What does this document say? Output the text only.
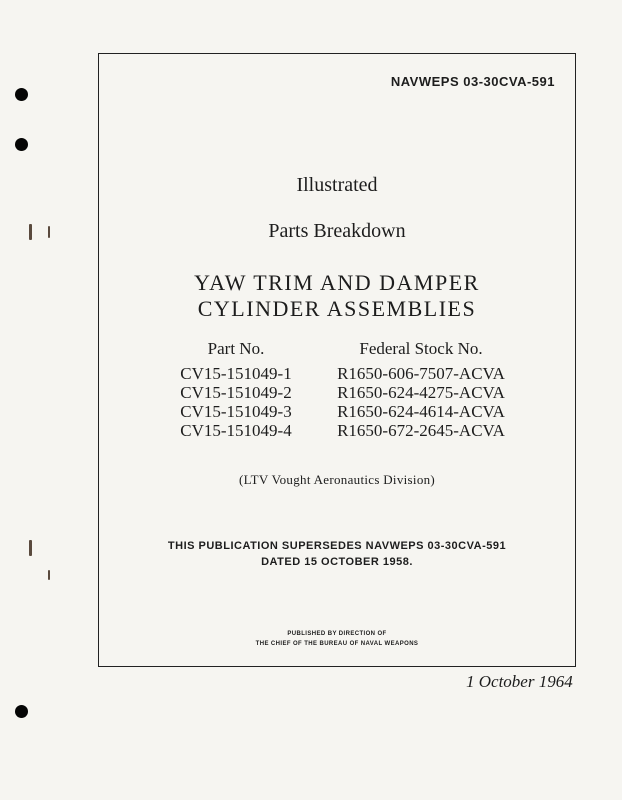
NAVWEPS 03-30CVA-591
Illustrated
Parts Breakdown
YAW TRIM AND DAMPER
CYLINDER ASSEMBLIES
Part No.
CV15-151049-1
CV15-151049-2
CV15-151049-3
CV15-151049-4
Federal Stock No.
R1650-606-7507-ACVA
R1650-624-4275-ACVA
R1650-624-4614-ACVA
R1650-672-2645-ACVA
(LTV Vought Aeronautics Division)
THIS PUBLICATION SUPERSEDES NAVWEPS 03-30CVA-591
DATED 15 OCTOBER 1958.
PUBLISHED BY DIRECTION OF
THE CHIEF OF THE BUREAU OF NAVAL WEAPONS
1 October 1964
